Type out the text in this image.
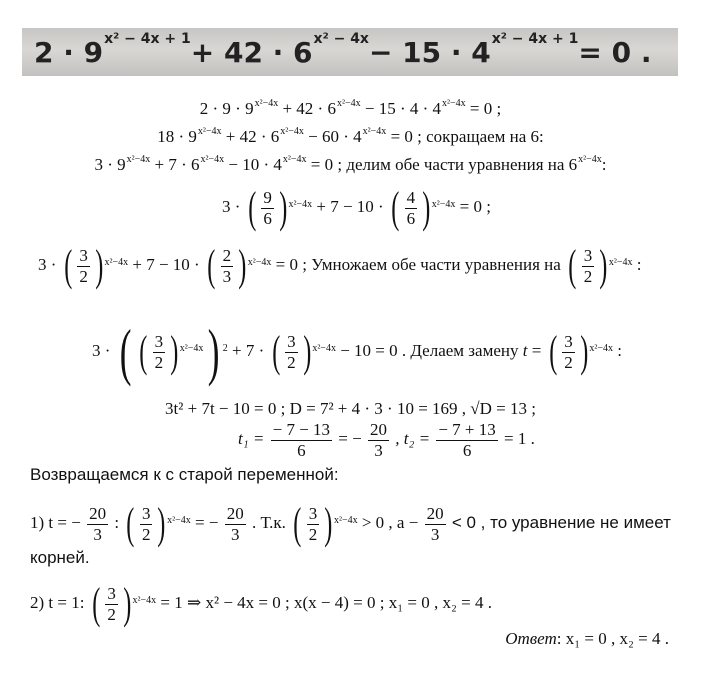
$2 \cdot 9^{x^2 - 4x + 1} + 42 \cdot 6^{x^2 - 4x} - 15 \cdot 4^{x^2 - 4x + 1} = 0$ .
$2 \cdot 9 \cdot 9^{x^2-4x} + 42 \cdot 6^{x^2-4x} - 15 \cdot 4 \cdot 4^{x^2-4x} = 0$ ;
$18 \cdot 9^{x^2-4x} + 42 \cdot 6^{x^2-4x} - 60 \cdot 4^{x^2-4x} = 0$ ; сокращаем на 6:
$3 \cdot 9^{x^2-4x} + 7 \cdot 6^{x^2-4x} - 10 \cdot 4^{x^2-4x} = 0$ ; делим обе части уравнения на $6^{x^2-4x}$:
3 · ( $\frac{9}{6}$ ) x²−4x + 7 − 10 · ( $\frac{4}{6}$ ) x²−4x = 0 ;
3 · ( $\frac{3}{2}$ ) x²−4x + 7 − 10 · ( $\frac{2}{3}$ ) x²−4x = 0 ; Умножаем обе части уравнения на ( $\frac{3}{2}$ ) x²−4x :
3 · ( ( $\frac{3}{2}$ ) x²−4x ) 2 + 7 · ( $\frac{3}{2}$ ) x²−4x − 10 = 0 . Делаем замену t = ( $\frac{3}{2}$ ) x²−4x :
3t² + 7t − 10 = 0 ; D = 7² + 4 · 3 · 10 = 169 , √D = 13 ;
$t_1 = \frac{- 7 - 13}{6}$ = − $\frac{20}{3}$ , $t_2 = \frac{- 7 + 13}{6} = 1$ .
Возвращаемся к с старой переменной:
1) t = − $\frac{20}{3}$ : ( $\frac{3}{2}$ ) x²−4x = − $\frac{20}{3}$ . Т.к. ( $\frac{3}{2}$ ) x²−4x > 0 , $а - \frac{20}{3} < 0$ , то уравнение не имеет
корней.
2) t = 1: ( $\frac{3}{2}$ ) x²−4x = 1 ⇒ x² − 4x = 0 ; x(x − 4) = 0 ; x₁ = 0 , x₂ = 4 .
Ответ: x₁ = 0 , x₂ = 4 .
